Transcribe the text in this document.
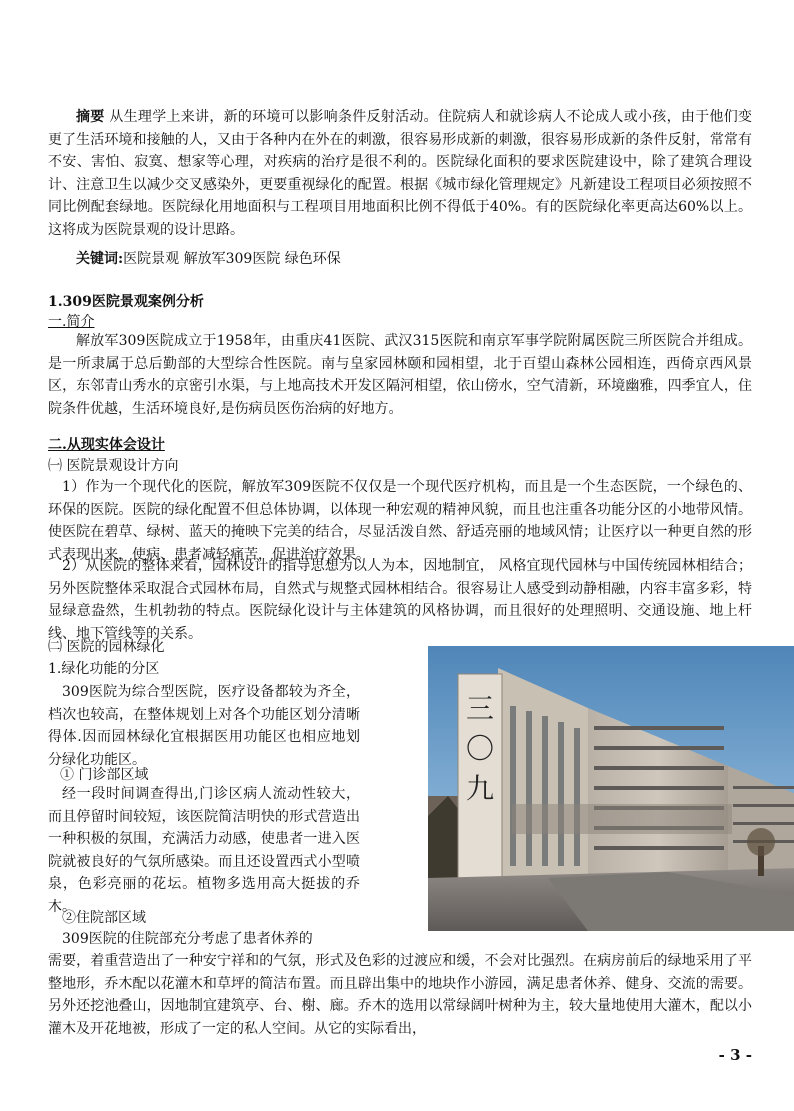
摘要 从生理学上来讲，新的环境可以影响条件反射活动。住院病人和就诊病人不论成人或小孩，由于他们变更了生活环境和接触的人，又由于各种内在外在的刺激，很容易形成新的刺激，很容易形成新的条件反射，常常有不安、害怕、寂寞、想家等心理，对疾病的治疗是很不利的。医院绿化面积的要求医院建设中，除了建筑合理设计、注意卫生以减少交叉感染外，更要重视绿化的配置。根据《城市绿化管理规定》凡新建设工程项目必须按照不同比例配套绿地。医院绿化用地面积与工程项目用地面积比例不得低于40%。有的医院绿化率更高达60%以上。这将成为医院景观的设计思路。

关键词:医院景观 解放军309医院 绿色环保

1.309医院景观案例分析

一.简介

解放军309医院成立于1958年，由重庆41医院、武汉315医院和南京军事学院附属医院三所医院合并组成。是一所隶属于总后勤部的大型综合性医院。南与皇家园林颐和园相望，北于百望山森林公园相连，西倚京西风景区，东邻青山秀水的京密引水渠，与上地高技术开发区隔河相望，依山傍水，空气清新，环境幽雅，四季宜人，住院条件优越，生活环境良好,是伤病员医伤治病的好地方。

二.从现实体会设计

㈠ 医院景观设计方向

1）作为一个现代化的医院，解放军309医院不仅仅是一个现代医疗机构，而且是一个生态医院，一个绿色的、环保的医院。医院的绿化配置不但总体协调，以体现一种宏观的精神风貌，而且也注重各功能分区的小地带风情。使医院在碧草、绿树、蓝天的掩映下完美的结合，尽显活泼自然、舒适亮丽的地域风情；让医疗以一种更自然的形式表现出来，使病、患者减轻痛苦，促进治疗效果。

2）从医院的整体来看，园林设计的指导思想为以人为本，因地制宜， 风格宜现代园林与中国传统园林相结合；另外医院整体采取混合式园林布局，自然式与规整式园林相结合。很容易让人感受到动静相融，内容丰富多彩，特显绿意盎然，生机勃勃的特点。医院绿化设计与主体建筑的风格协调，而且很好的处理照明、交通设施、地上杆线、地下管线等的关系。

㈡ 医院的园林绿化

1.绿化功能的分区

309医院为综合型医院，医疗设备都较为齐全，档次也较高，在整体规划上对各个功能区划分清晰得体.因而园林绿化宜根据医用功能区也相应地划分绿化功能区。

① 门诊部区域

经一段时间调查得出,门诊区病人流动性较大，而且停留时间较短，该医院简洁明快的形式营造出一种积极的氛围，充满活力动感，使患者一进入医院就被良好的气氛所感染。而且还设置西式小型喷泉，色彩亮丽的花坛。植物多选用高大挺拔的乔木。

②住院部区域

309医院的住院部充分考虑了患者休养的

需要，着重营造出了一种安宁祥和的气氛，形式及色彩的过渡应和缓，不会对比强烈。在病房前后的绿地采用了平整地形，乔木配以花灌木和草坪的简洁布置。而且辟出集中的地块作小游园，满足患者休养、健身、交流的需要。另外还挖池叠山，因地制宜建筑亭、台、榭、廊。乔木的选用以常绿阔叶树种为主，较大量地使用大灌木，配以小灌木及开花地被，形成了一定的私人空间。从它的实际看出，

三
〇
九
- 3 -
